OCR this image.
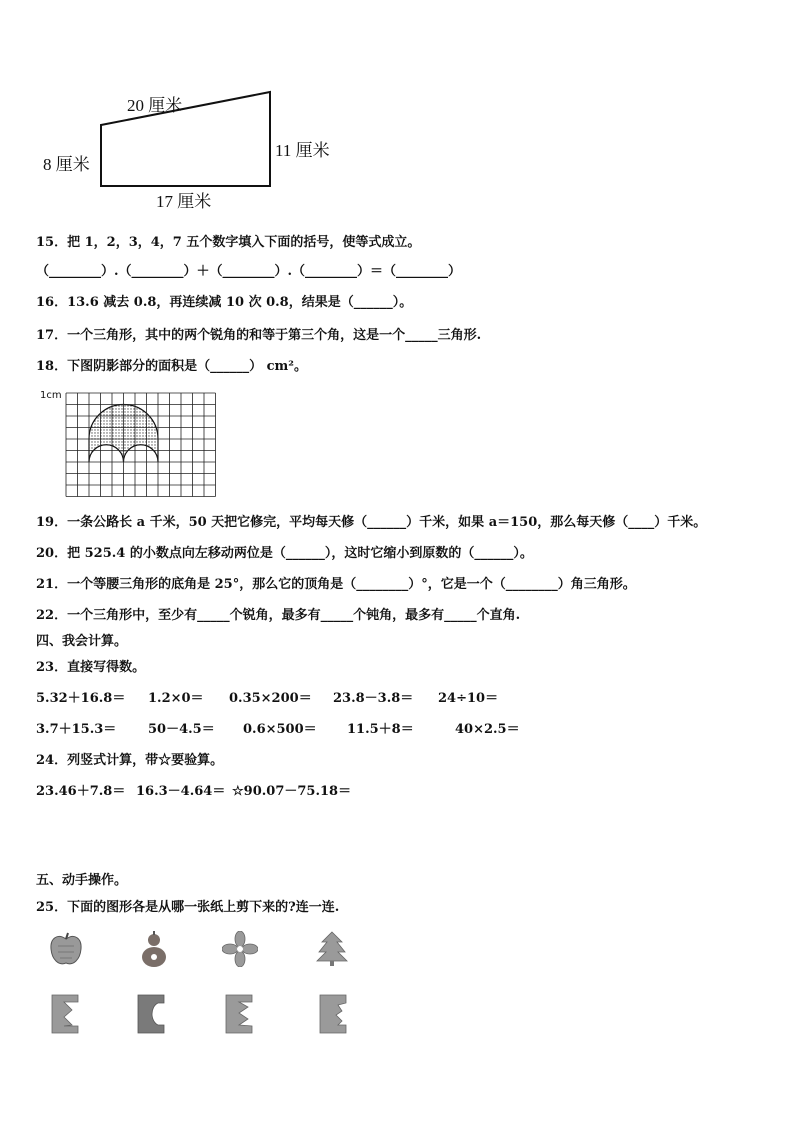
20 厘米
8 厘米
11 厘米
17 厘米
15．把 1，2，3，4，7 五个数字填入下面的括号，使等式成立。
（________）.（________）＋（________）.（________）＝（________）
16．13.6 减去 0.8，再连续减 10 次 0.8，结果是（______）。
17．一个三角形，其中的两个锐角的和等于第三个角，这是一个_____三角形.
18．下图阴影部分的面积是（______） cm²。
1cm
19．一条公路长 a 千米，50 天把它修完，平均每天修（______）千米，如果 a＝150，那么每天修（____）千米。
20．把 525.4 的小数点向左移动两位是（______），这时它缩小到原数的（______）。
21．一个等腰三角形的底角是 25°，那么它的顶角是（________）°，它是一个（________）角三角形。
22．一个三角形中，至少有_____个锐角，最多有_____个钝角，最多有_____个直角.
四、我会计算。
23．直接写得数。
5.32＋16.8＝ 1.2×0＝ 0.35×200＝ 23.8－3.8＝ 24÷10＝
3.7＋15.3＝ 50－4.5＝ 0.6×500＝ 11.5＋8＝	40×2.5＝
24．列竖式计算，带☆要验算。
23.46＋7.8＝ 16.3－4.64＝ ☆90.07－75.18＝
五、动手操作。
25．下面的图形各是从哪一张纸上剪下来的?连一连.
